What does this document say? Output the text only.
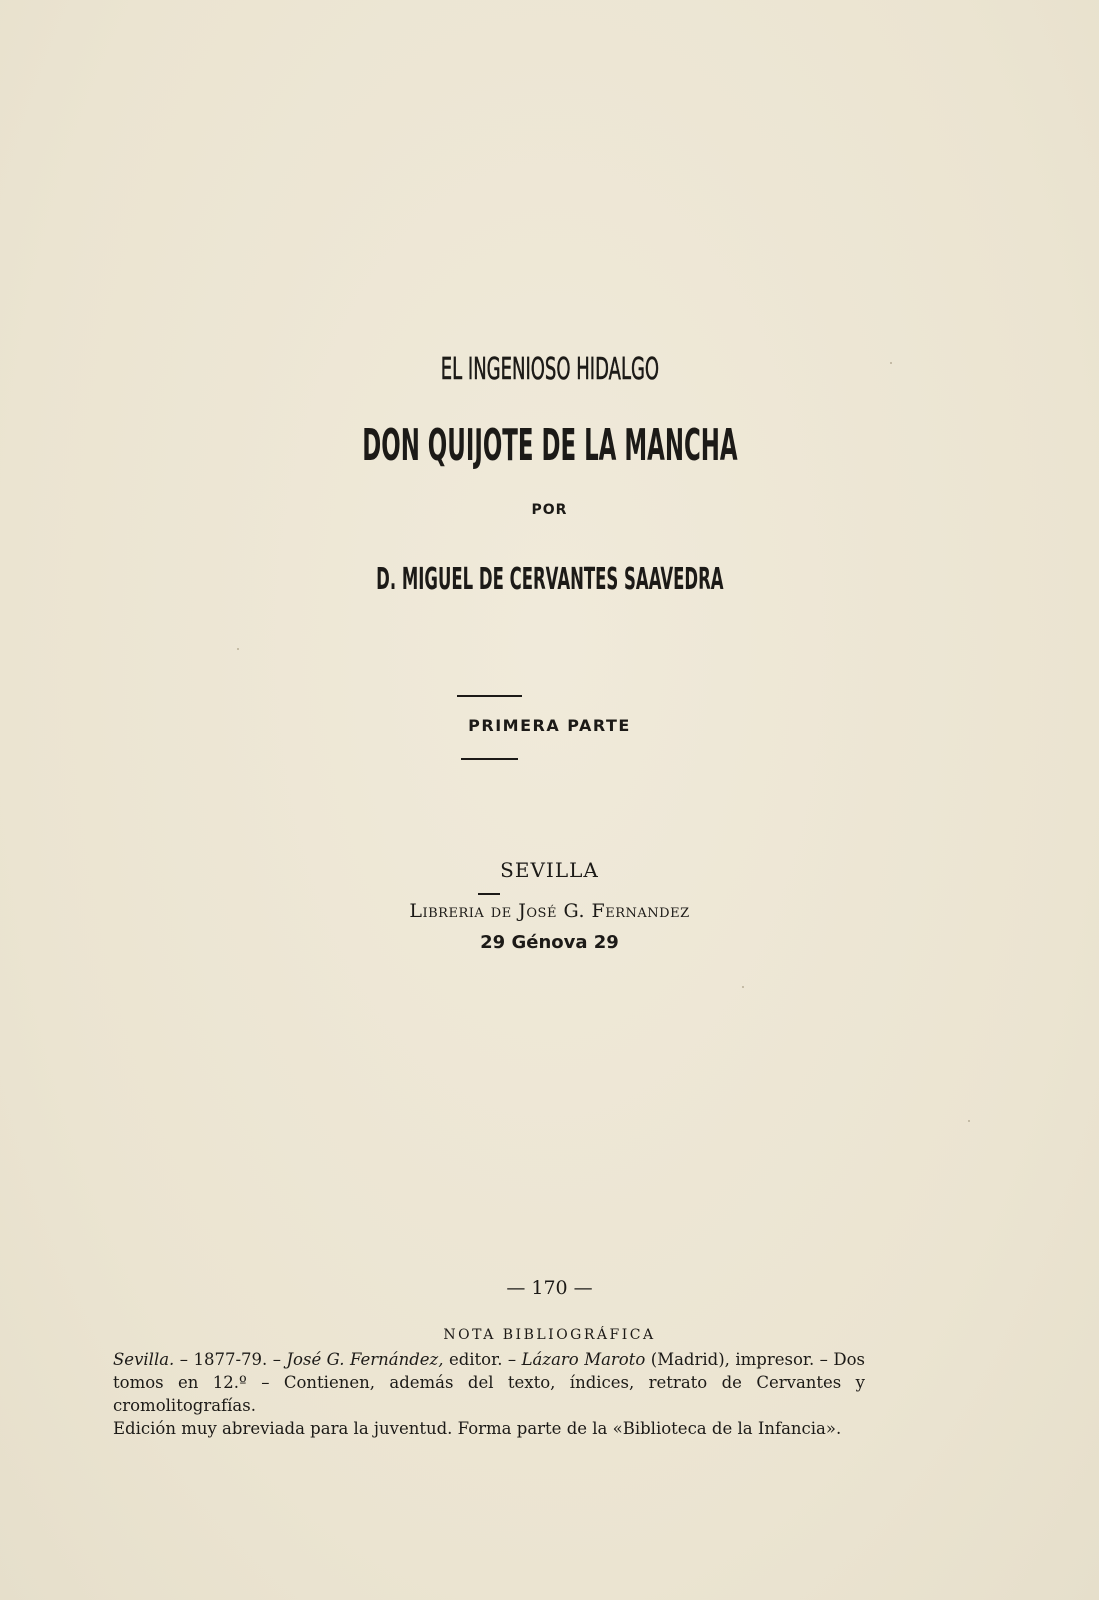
EL INGENIOSO HIDALGO
DON QUIJOTE DE LA MANCHA
POR
D. MIGUEL DE CERVANTES SAAVEDRA
PRIMERA PARTE
SEVILLA
Libreria de José G. Fernandez
29 Génova 29
— 170 —
NOTA BIBLIOGRÁFICA

Sevilla. – 1877-79. – José G. Fernández, editor. – Lázaro Maroto (Madrid), impresor. – Dos tomos en 12.º – Contienen, además del texto, índices, retrato de Cervantes y cromolitografías.

Edición muy abreviada para la juventud. Forma parte de la «Biblioteca de la Infancia».
